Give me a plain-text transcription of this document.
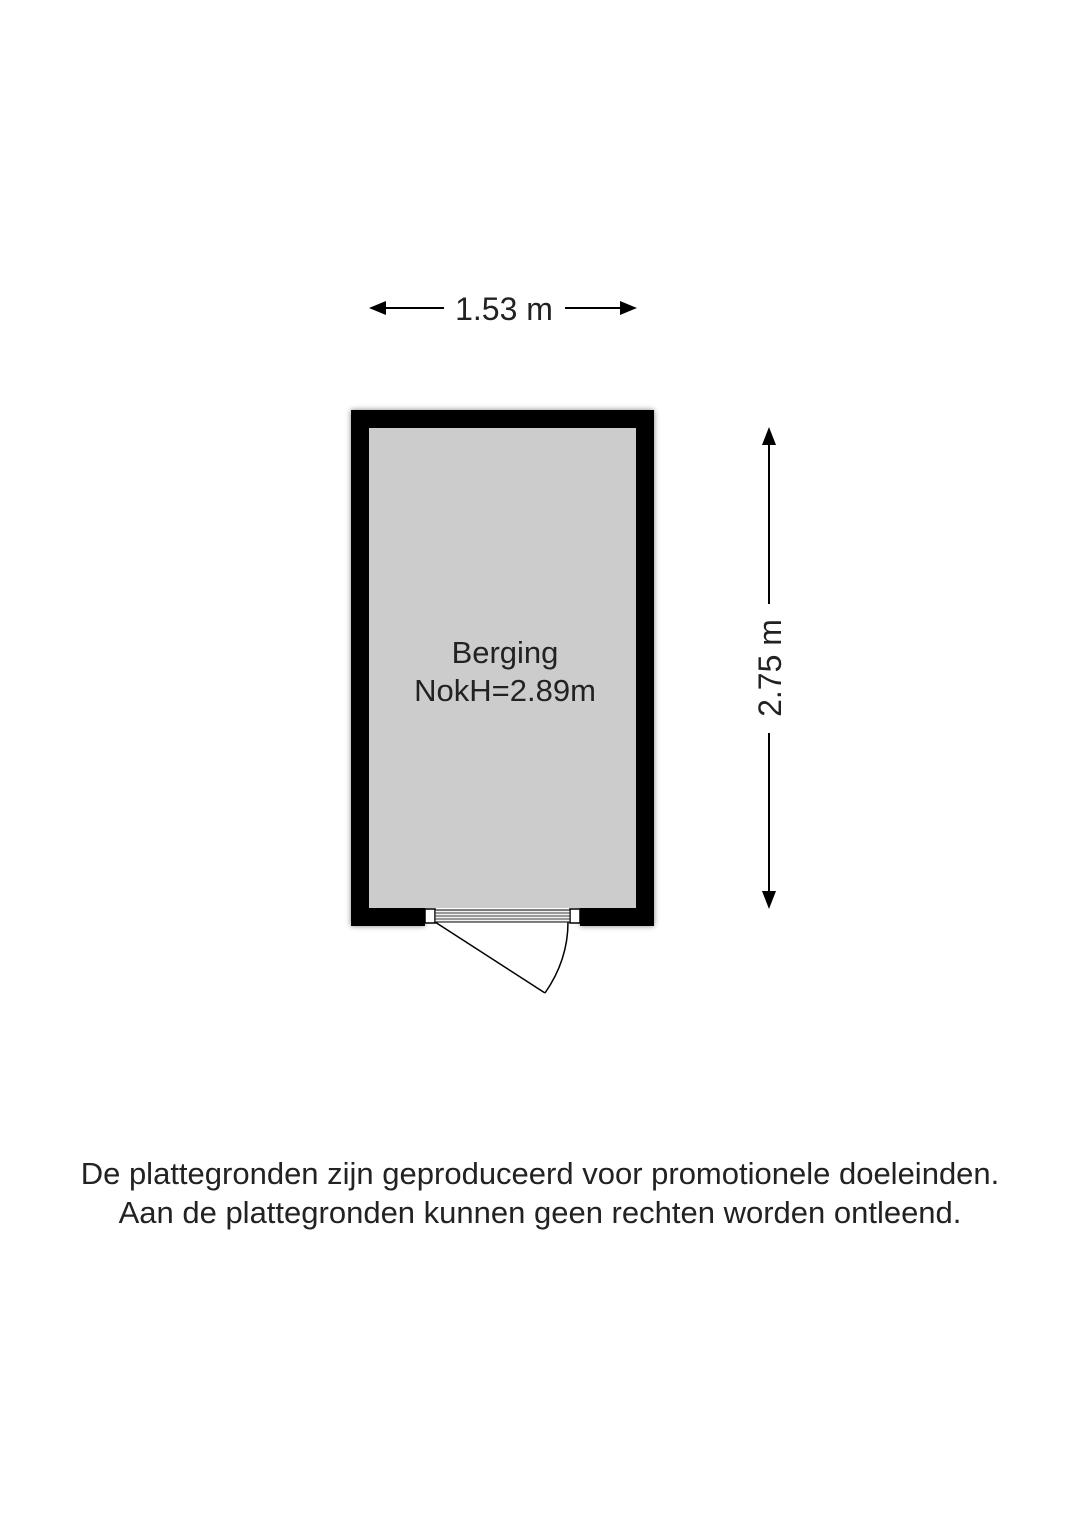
1.53 m
2.75 m
Berging
NokH=2.89m
De plattegronden zijn geproduceerd voor promotionele doeleinden.
Aan de plattegronden kunnen geen rechten worden ontleend.
